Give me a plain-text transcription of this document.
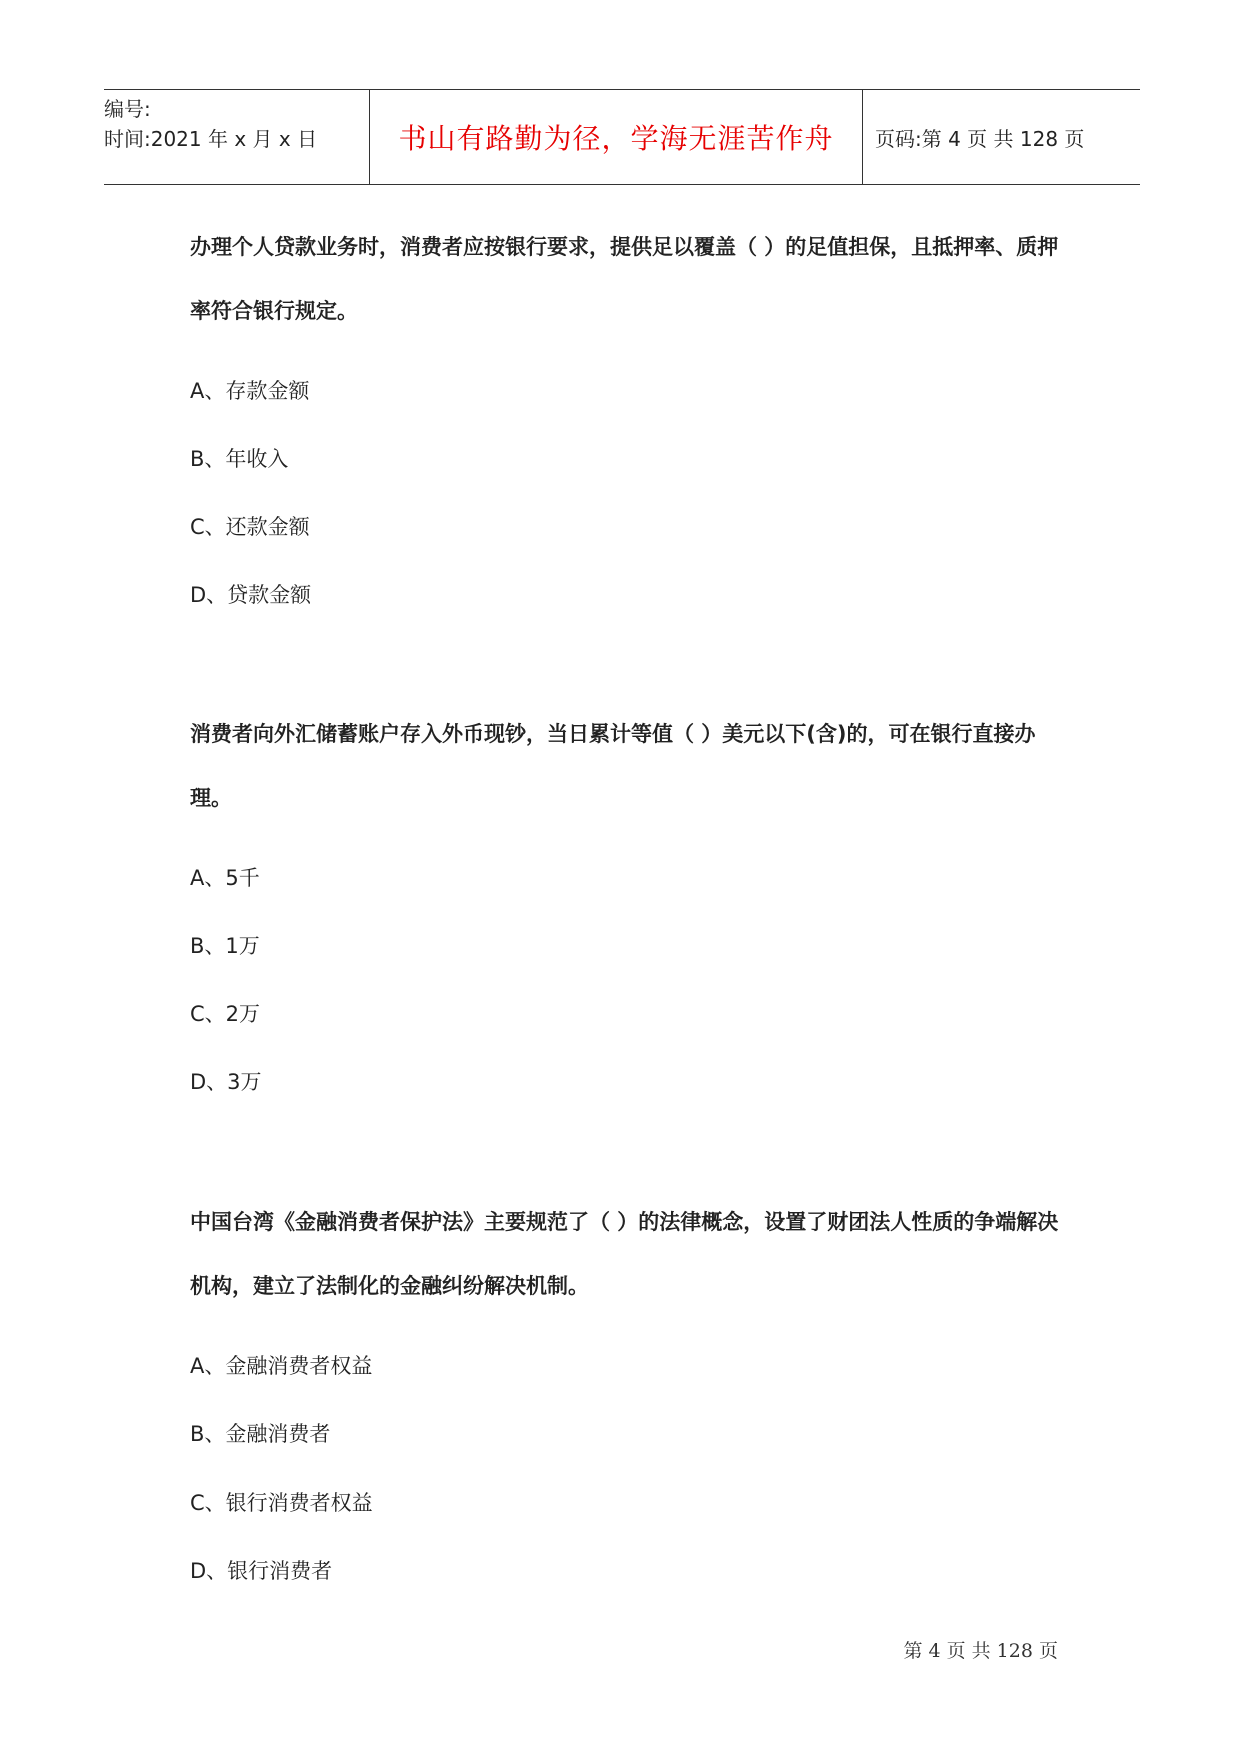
编号:
时间:2021 年 x 月 x 日	书山有路勤为径，学海无涯苦作舟 页码:第 4 页 共 128 页
办理个人贷款业务时，消费者应按银行要求，提供足以覆盖（ ）的足值担保，且抵押率、质押率符合银行规定。
A、存款金额
B、年收入
C、还款金额
D、贷款金额
消费者向外汇储蓄账户存入外币现钞，当日累计等值（ ）美元以下(含)的，可在银行直接办理。
A、5千
B、1万
C、2万
D、3万
中国台湾《金融消费者保护法》主要规范了（ ）的法律概念，设置了财团法人性质的争端解决机构，建立了法制化的金融纠纷解决机制。
A、金融消费者权益
B、金融消费者
C、银行消费者权益
D、银行消费者
第 4 页 共 128 页
